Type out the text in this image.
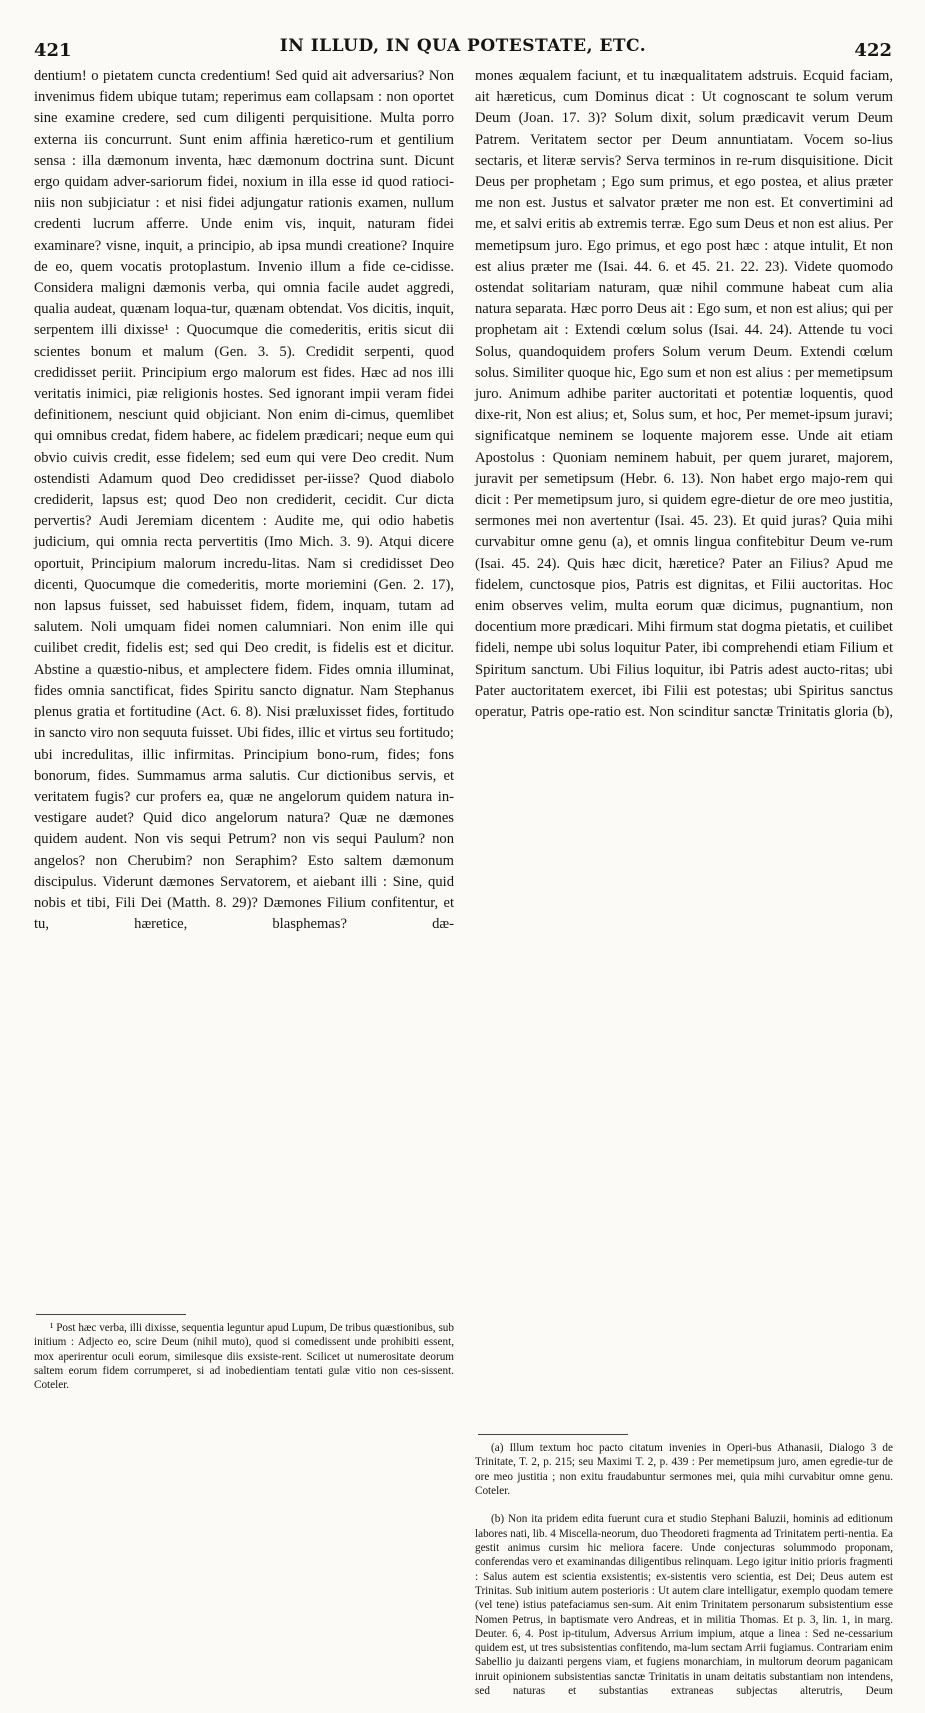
421	IN ILLUD, IN QUA POTESTATE, ETC.	422

dentium! o pietatem cuncta credentium! Sed quid ait adversarius? Non invenimus fidem ubique tutam; reperimus eam collapsam : non oportet sine examine credere, sed cum diligenti perquisitione. Multa porro externa iis concurrunt. Sunt enim affinia hæretico-rum et gentilium sensa : illa dæmonum inventa, hæc dæmonum doctrina sunt. Dicunt ergo quidam adver-sariorum fidei, noxium in illa esse id quod ratioci-niis non subjiciatur : et nisi fidei adjungatur rationis examen, nullum credenti lucrum afferre. Unde enim vis, inquit, naturam fidei examinare? visne, inquit, a principio, ab ipsa mundi creatione? Inquire de eo, quem vocatis protoplastum. Invenio illum a fide ce-cidisse. Considera maligni dæmonis verba, qui omnia facile audet aggredi, qualia audeat, quænam loqua-tur, quænam obtendat. Vos dicitis, inquit, serpentem illi dixisse¹ : Quocumque die comederitis, eritis sicut dii scientes bonum et malum (Gen. 3. 5). Credidit serpenti, quod credidisset periit. Principium ergo malorum est fides. Hæc ad nos illi veritatis inimici, piæ religionis hostes. Sed ignorant impii veram fidei definitionem, nesciunt quid objiciant. Non enim di-cimus, quemlibet qui omnibus credat, fidem habere, ac fidelem prædicari; neque eum qui obvio cuivis credit, esse fidelem; sed eum qui vere Deo credit. Num ostendisti Adamum quod Deo credidisset per-iisse? Quod diabolo crediderit, lapsus est; quod Deo non crediderit, cecidit. Cur dicta pervertis? Audi Jeremiam dicentem : Audite me, qui odio habetis judicium, qui omnia recta pervertitis (Imo Mich. 3. 9). Atqui dicere oportuit, Principium malorum incredu-litas. Nam si credidisset Deo dicenti, Quocumque die comederitis, morte moriemini (Gen. 2. 17), non lapsus fuisset, sed habuisset fidem, fidem, inquam, tutam ad salutem. Noli umquam fidei nomen calumniari. Non enim ille qui cuilibet credit, fidelis est; sed qui Deo credit, is fidelis est et dicitur. Abstine a quæstio-nibus, et amplectere fidem. Fides omnia illuminat, fides omnia sanctificat, fides Spiritu sancto dignatur. Nam Stephanus plenus gratia et fortitudine (Act. 6. 8). Nisi præluxisset fides, fortitudo in sancto viro non sequuta fuisset. Ubi fides, illic et virtus seu fortitudo; ubi incredulitas, illic infirmitas. Principium bono-rum, fides; fons bonorum, fides. Summamus arma salutis. Cur dictionibus servis, et veritatem fugis? cur profers ea, quæ ne angelorum quidem natura in-vestigare audet? Quid dico angelorum natura? Quæ ne dæmones quidem audent. Non vis sequi Petrum? non vis sequi Paulum? non angelos? non Cherubim? non Seraphim? Esto saltem dæmonum discipulus. Viderunt dæmones Servatorem, et aiebant illi : Sine, quid nobis et tibi, Fili Dei (Matth. 8. 29)? Dæmones Filium confitentur, et tu, hæretice, blasphemas? dæ-

mones æqualem faciunt, et tu inæqualitatem adstruis. Ecquid faciam, ait hæreticus, cum Dominus dicat : Ut cognoscant te solum verum Deum (Joan. 17. 3)? Solum dixit, solum prædicavit verum Deum Patrem. Veritatem sector per Deum annuntiatam. Vocem so-lius sectaris, et literæ servis? Serva terminos in re-rum disquisitione. Dicit Deus per prophetam ; Ego sum primus, et ego postea, et alius præter me non est. Justus et salvator præter me non est. Et convertimini ad me, et salvi eritis ab extremis terræ. Ego sum Deus et non est alius. Per memetipsum juro. Ego primus, et ego post hæc : atque intulit, Et non est alius præter me (Isai. 44. 6. et 45. 21. 22. 23). Videte quomodo ostendat solitariam naturam, quæ nihil commune habeat cum alia natura separata. Hæc porro Deus ait : Ego sum, et non est alius; qui per prophetam ait : Extendi cœlum solus (Isai. 44. 24). Attende tu voci Solus, quandoquidem profers Solum verum Deum. Extendi cœlum solus. Similiter quoque hic, Ego sum et non est alius : per memetipsum juro. Animum adhibe pariter auctoritati et potentiæ loquentis, quod dixe-rit, Non est alius; et, Solus sum, et hoc, Per memet-ipsum juravi; significatque neminem se loquente majorem esse. Unde ait etiam Apostolus : Quoniam neminem habuit, per quem juraret, majorem, juravit per semetipsum (Hebr. 6. 13). Non habet ergo majo-rem qui dicit : Per memetipsum juro, si quidem egre-dietur de ore meo justitia, sermones mei non avertentur (Isai. 45. 23). Et quid juras? Quia mihi curvabitur omne genu (a), et omnis lingua confitebitur Deum ve-rum (Isai. 45. 24). Quis hæc dicit, hæretice? Pater an Filius? Apud me fidelem, cunctosque pios, Patris est dignitas, et Filii auctoritas. Hoc enim observes velim, multa eorum quæ dicimus, pugnantium, non docentium more prædicari. Mihi firmum stat dogma pietatis, et cuilibet fideli, nempe ubi solus loquitur Pater, ibi comprehendi etiam Filium et Spiritum sanctum. Ubi Filius loquitur, ibi Patris adest aucto-ritas; ubi Pater auctoritatem exercet, ibi Filii est potestas; ubi Spiritus sanctus operatur, Patris ope-ratio est. Non scinditur sanctæ Trinitatis gloria (b),

¹ Post hæc verba, illi dixisse, sequentia leguntur apud Lupum, De tribus quæstionibus, sub initium : Adjecto eo, scire Deum (nihil muto), quod si comedissent unde prohibiti essent, mox aperirentur oculi eorum, similesque diis exsiste-rent. Scilicet ut numerositate deorum saltem eorum fidem corrumperet, si ad inobedientiam tentati gulæ vitio non ces-sissent. Coteler.

(a) Illum textum hoc pacto citatum invenies in Operi-bus Athanasii, Dialogo 3 de Trinitate, T. 2, p. 215; seu Maximi T. 2, p. 439 : Per memetipsum juro, amen egredie-tur de ore meo justitia ; non exitu fraudabuntur sermones mei, quia mihi curvabitur omne genu. Coteler.

(b) Non ita pridem edita fuerunt cura et studio Stephani Baluzii, hominis ad editionum labores nati, lib. 4 Miscella-neorum, duo Theodoreti fragmenta ad Trinitatem perti-nentia. Ea gestit animus cursim hic meliora facere. Unde conjecturas solummodo proponam, conferendas vero et examinandas diligentibus relinquam. Lego igitur initio prioris fragmenti : Salus autem est scientia exsistentis; ex-sistentis vero scientia, est Dei; Deus autem est Trinitas. Sub initium autem posterioris : Ut autem clare intelligatur, exemplo quodam temere (vel tene) istius patefaciamus sen-sum. Ait enim Trinitatem personarum subsistentium esse Nomen Petrus, in baptismate vero Andreas, et in militia Thomas. Et p. 3, lin. 1, in marg. Deuter. 6, 4. Post ip-titulum, Adversus Arrium impium, atque a linea : Sed ne-cessarium quidem est, ut tres subsistentias confitendo, ma-lum sectam Arrii fugiamus. Contrariam enim Sabellio ju daizanti pergens viam, et fugiens monarchiam, in multorum deorum paganicam inruit opinionem subsistentias sanctæ Trinitatis in unam deitatis substantiam non intendens, sed naturas et substantias extraneas subjectas alterutris, Deum
